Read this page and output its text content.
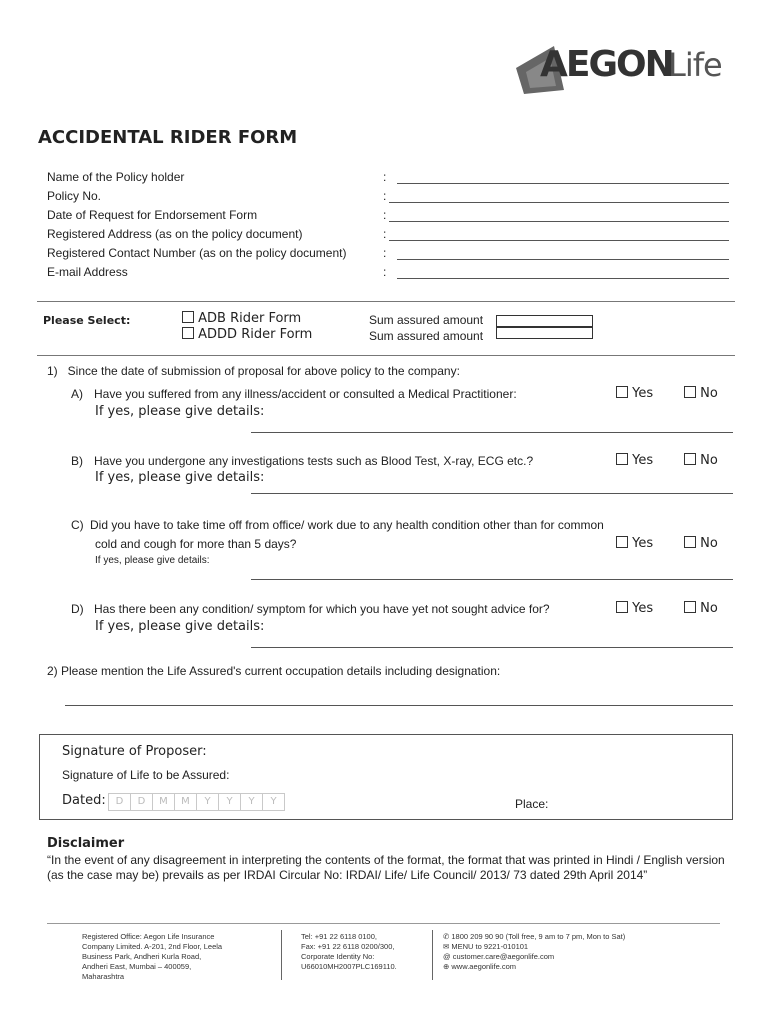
AEGON
Life
ACCIDENTAL RIDER FORM
Name of the Policy holder	:
Policy No.	:
Date of Request for Endorsement Form	:
Registered Address (as on the policy document)	:
Registered Contact Number (as on the policy document)	:
E-mail Address	:
Please Select:	ADB Rider Form
ADDD Rider Form
Sum assured amount
Sum assured amount
1)   Since the date of submission of proposal for above policy to the company:
A) Have you suffered from any illness/accident or consulted a Medical Practitioner:
If yes, please give details:
Yes	No
B) Have you undergone any investigations tests such as Blood Test, X-ray, ECG etc.?
If yes, please give details:
Yes	No
C) Did you have to take time off from office/ work due to any health condition other than for common
cold and cough for more than 5 days?
If yes, please give details:
Yes	No
D) Has there been any condition/ symptom for which you have yet not sought advice for?
If yes, please give details:
Yes	No
2) Please mention the Life Assured's current occupation details including designation:
Signature of Proposer:
Signature of Life to be Assured:
Dated: D D M M Y Y Y Y	Place:
Disclaimer
“In the event of any disagreement in interpreting the contents of the format, the format that was printed in Hindi / English version (as the case may be) prevails as per IRDAI Circular No: IRDAI/ Life/ Life Council/ 2013/ 73 dated 29th April 2014”
Registered Office: Aegon Life Insurance
Company Limited. A-201, 2nd Floor, Leela
Business Park, Andheri Kurla Road,
Andheri East, Mumbai – 400059,
Maharashtra
Tel: +91 22 6118 0100,
Fax: +91 22 6118 0200/300,
Corporate Identity No:
U66010MH2007PLC169110.
✆ 1800 209 90 90 (Toll free, 9 am to 7 pm, Mon to Sat)
✉ MENU to 9221-010101
@ customer.care@aegonlife.com
⊕ www.aegonlife.com
